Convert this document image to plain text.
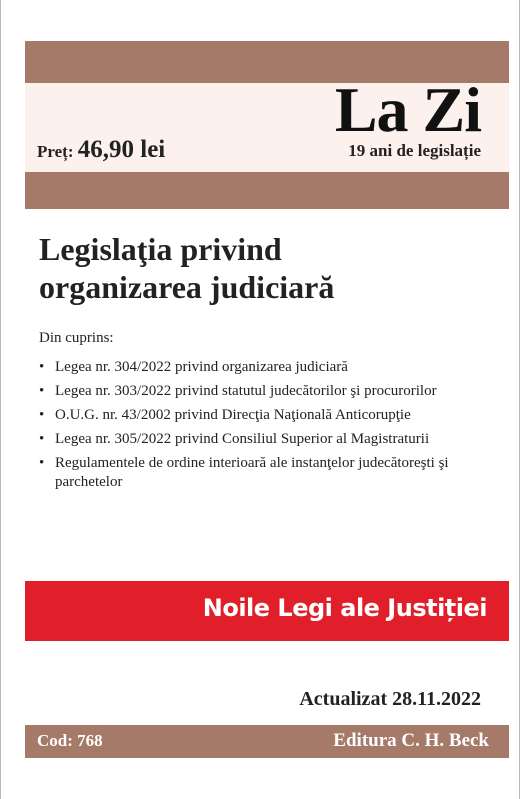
Preț: 46,90 lei
La Zi
19 ani de legislație
Legislaţia privind
organizarea judiciară
Din cuprins:
• Legea nr. 304/2022 privind organizarea judiciară
• Legea nr. 303/2022 privind statutul judecătorilor şi procurorilor
• O.U.G. nr. 43/2002 privind Direcţia Naţională Anticorupţie
• Legea nr. 305/2022 privind Consiliul Superior al Magistraturii
• Regulamentele de ordine interioară ale instanţelor judecătoreşti şi parchetelor
Noile Legi ale Justiției
Actualizat 28.11.2022
Cod: 768	Editura C. H. Beck
